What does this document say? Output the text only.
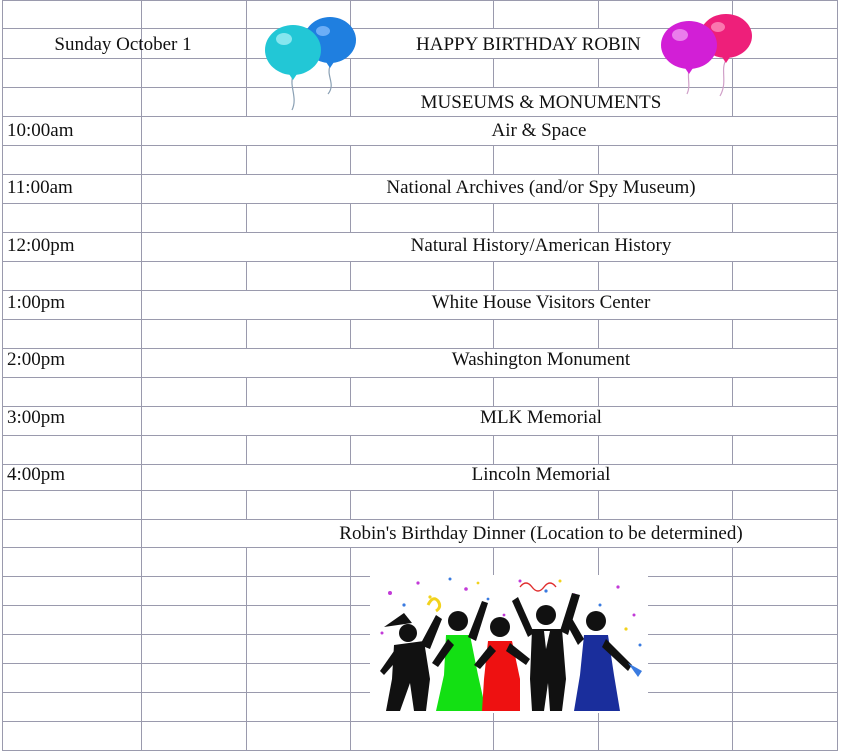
Sunday October 1	HAPPY BIRTHDAY ROBIN
MUSEUMS & MONUMENTS
10:00am	Air & Space
11:00am	National Archives (and/or Spy Museum)
12:00pm	Natural History/American History
1:00pm	White House Visitors Center
2:00pm	Washington Monument
3:00pm	MLK Memorial
4:00pm	Lincoln Memorial
Robin's Birthday Dinner (Location to be determined)
